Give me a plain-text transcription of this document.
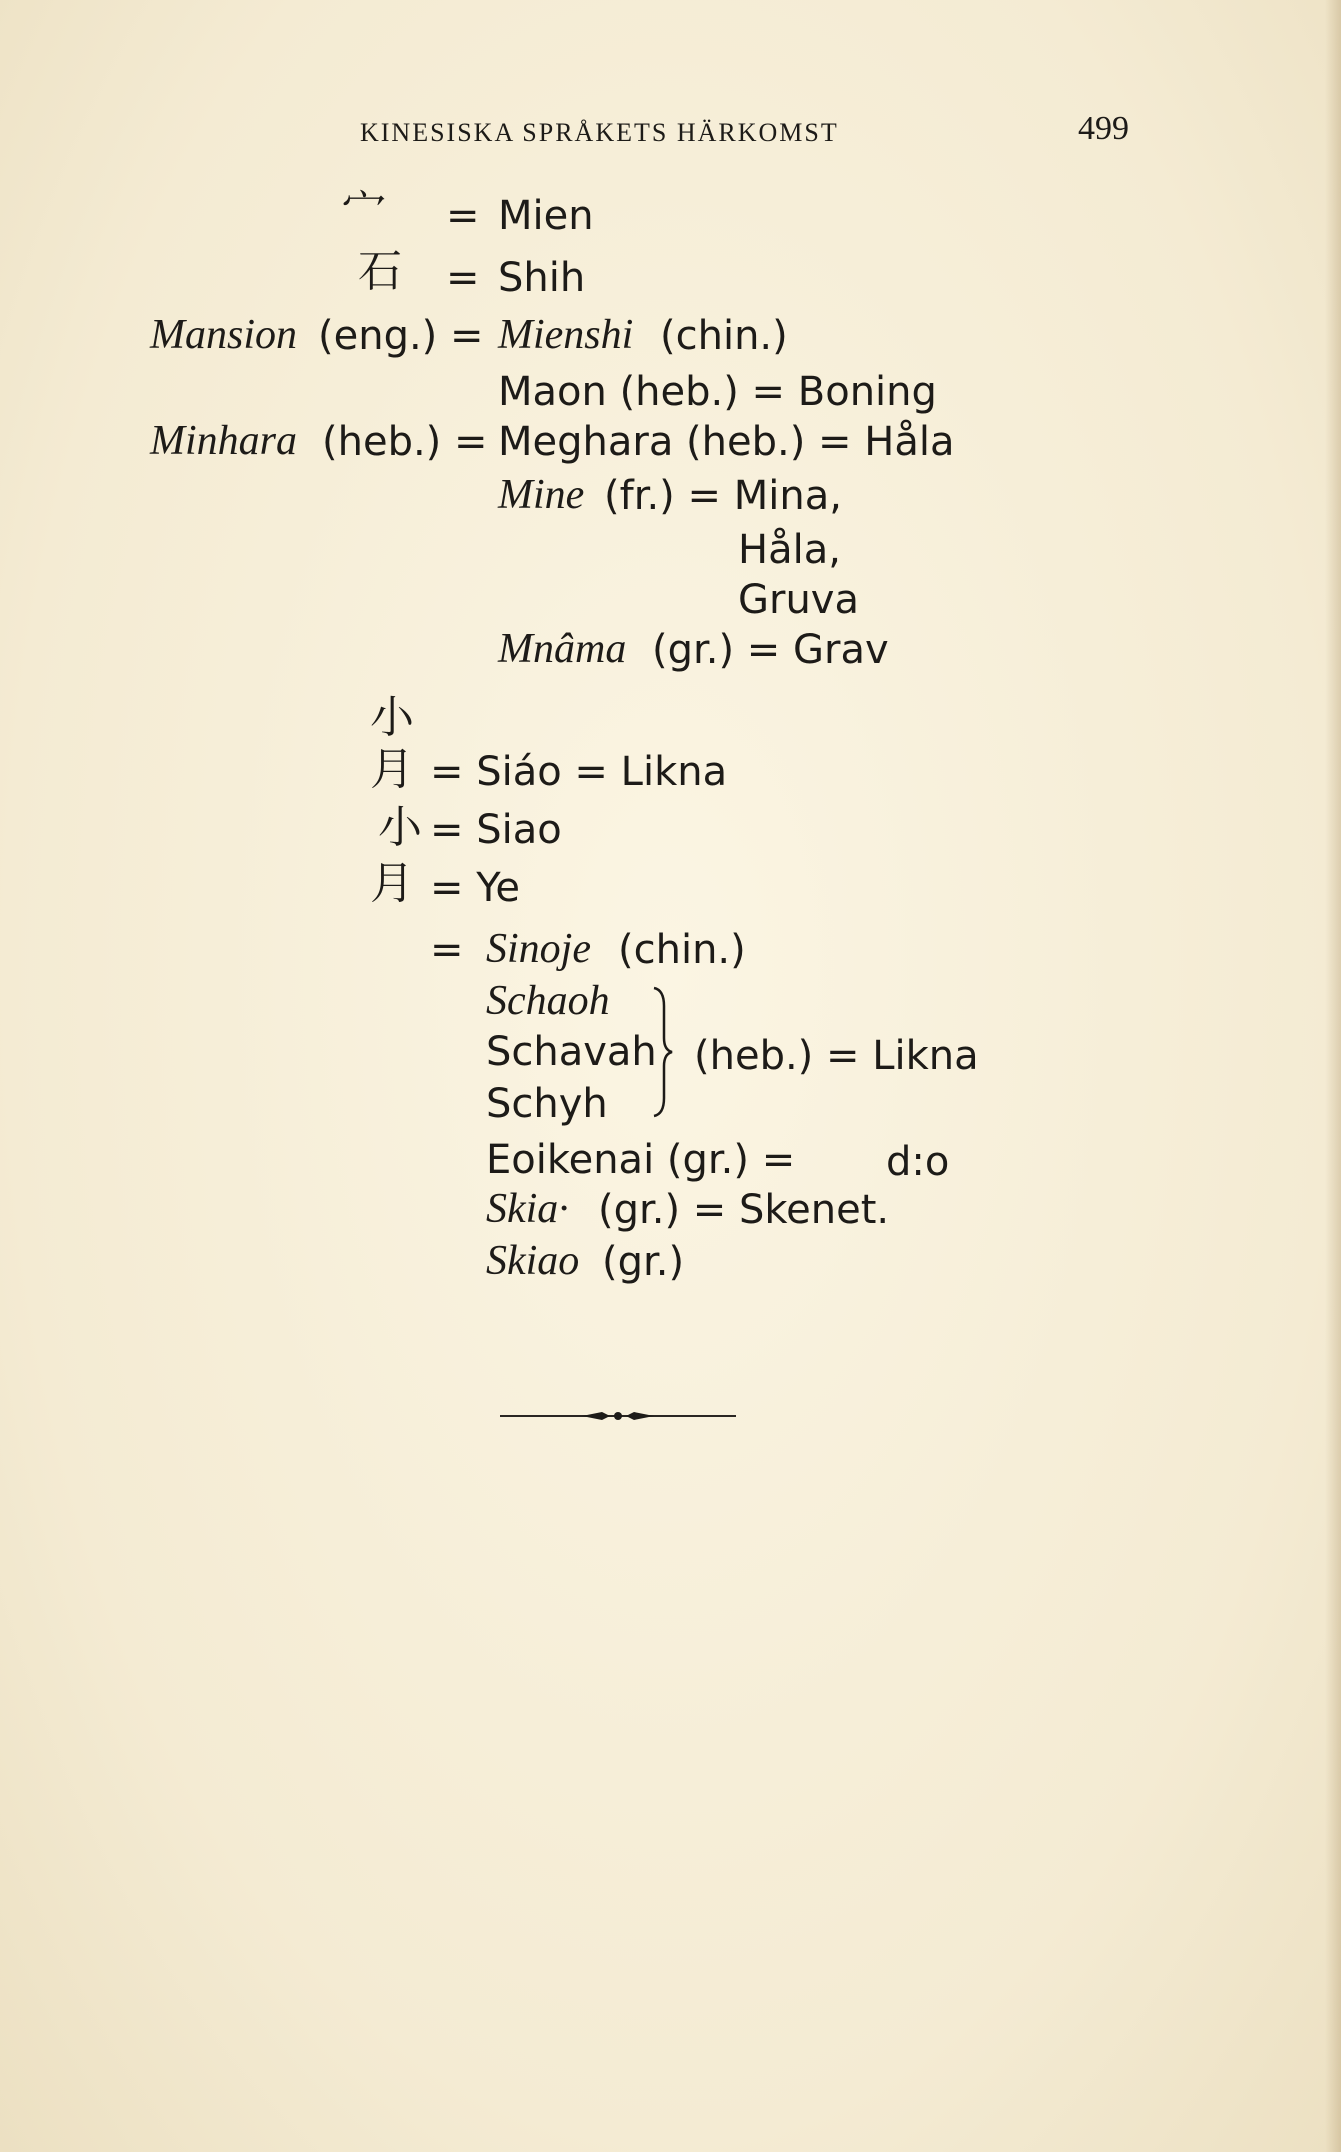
KINESISKA SPRÅKETS HÄRKOMST	499
宀 = Mien
石 = Shih
Mansion (eng.) = Mienshi (chin.)
Maon (heb.) = Boning
Minhara (heb.) = Meghara (heb.) = Håla
Mine (fr.) = Mina,
Håla,
Gruva
Mnâma (gr.) = Grav
小
月 = Siáo = Likna
小 = Siao
月 = Ye
= Sinoje (chin.)
Schaoh
Schavah
Schyh
(heb.) = Likna
Eoikenai (gr.) = d:o
Skia· (gr.) = Skenet.
Skiao (gr.)
